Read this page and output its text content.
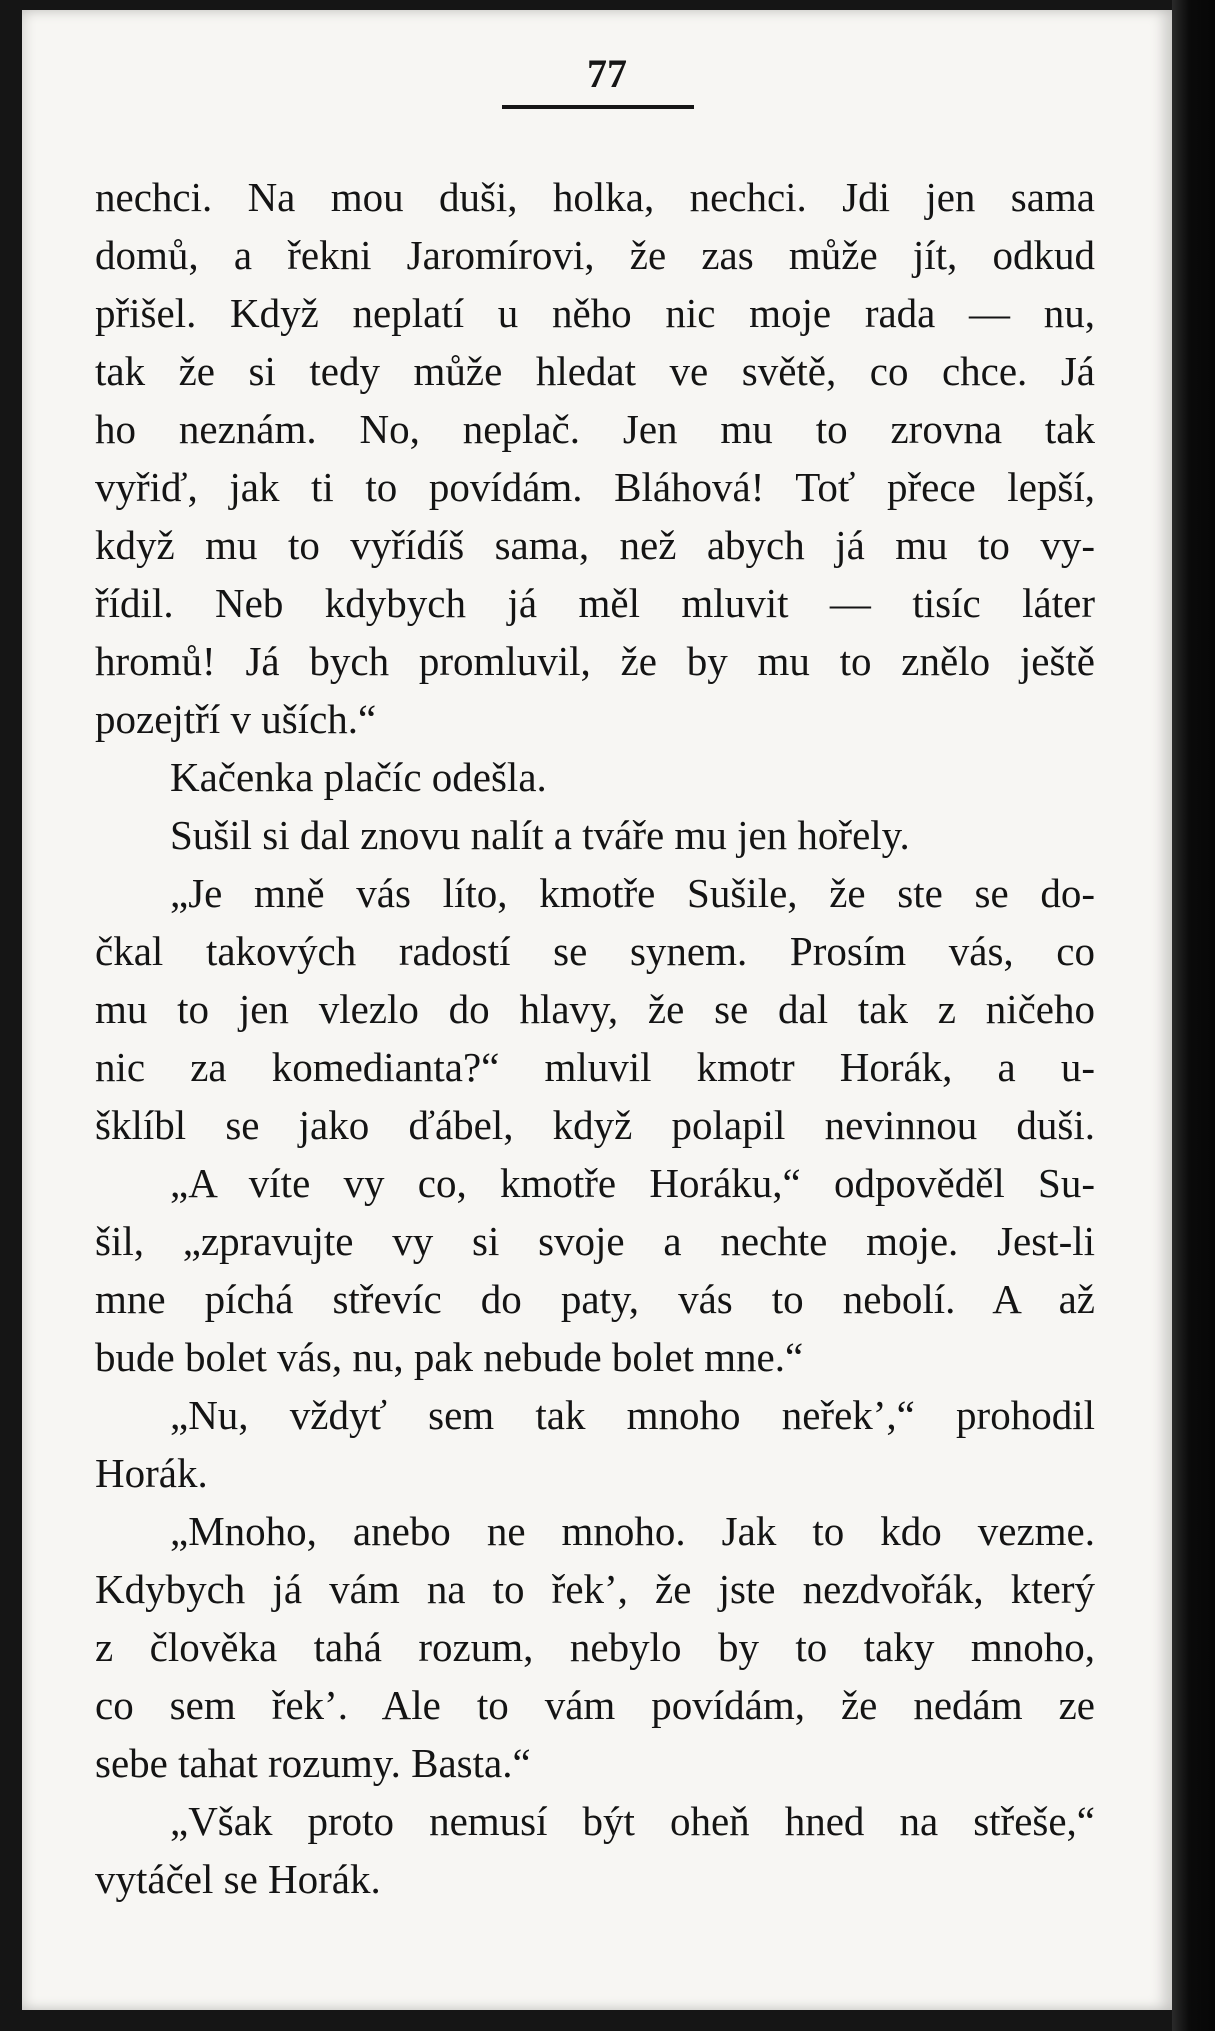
77
nechci. Na mou duši, holka, nechci. Jdi jen sama
domů, a řekni Jaromírovi, že zas může jít, odkud
přišel. Když neplatí u něho nic moje rada — nu,
tak že si tedy může hledat ve světě, co chce. Já
ho neznám. No, neplač. Jen mu to zrovna tak
vyřiď, jak ti to povídám. Bláhová! Toť přece lepší,
když mu to vyřídíš sama, než abych já mu to vy-
řídil. Neb kdybych já měl mluvit — tisíc láter
hromů! Já bych promluvil, že by mu to znělo ještě
pozejtří v uších.“
Kačenka plačíc odešla.
Sušil si dal znovu nalít a tváře mu jen hořely.
„Je mně vás líto, kmotře Sušile, že ste se do-
čkal takových radostí se synem. Prosím vás, co
mu to jen vlezlo do hlavy, že se dal tak z ničeho
nic za komedianta?“ mluvil kmotr Horák, a u-
šklíbl se jako ďábel, když polapil nevinnou duši.
„A víte vy co, kmotře Horáku,“ odpověděl Su-
šil, „zpravujte vy si svoje a nechte moje. Jest-li
mne píchá střevíc do paty, vás to nebolí. A až
bude bolet vás, nu, pak nebude bolet mne.“
„Nu, vždyť sem tak mnoho neřek’,“ prohodil
Horák.
„Mnoho, anebo ne mnoho. Jak to kdo vezme.
Kdybych já vám na to řek’, že jste nezdvořák, který
z člověka tahá rozum, nebylo by to taky mnoho,
co sem řek’. Ale to vám povídám, že nedám ze
sebe tahat rozumy. Basta.“
„Však proto nemusí být oheň hned na střeše,“
vytáčel se Horák.
